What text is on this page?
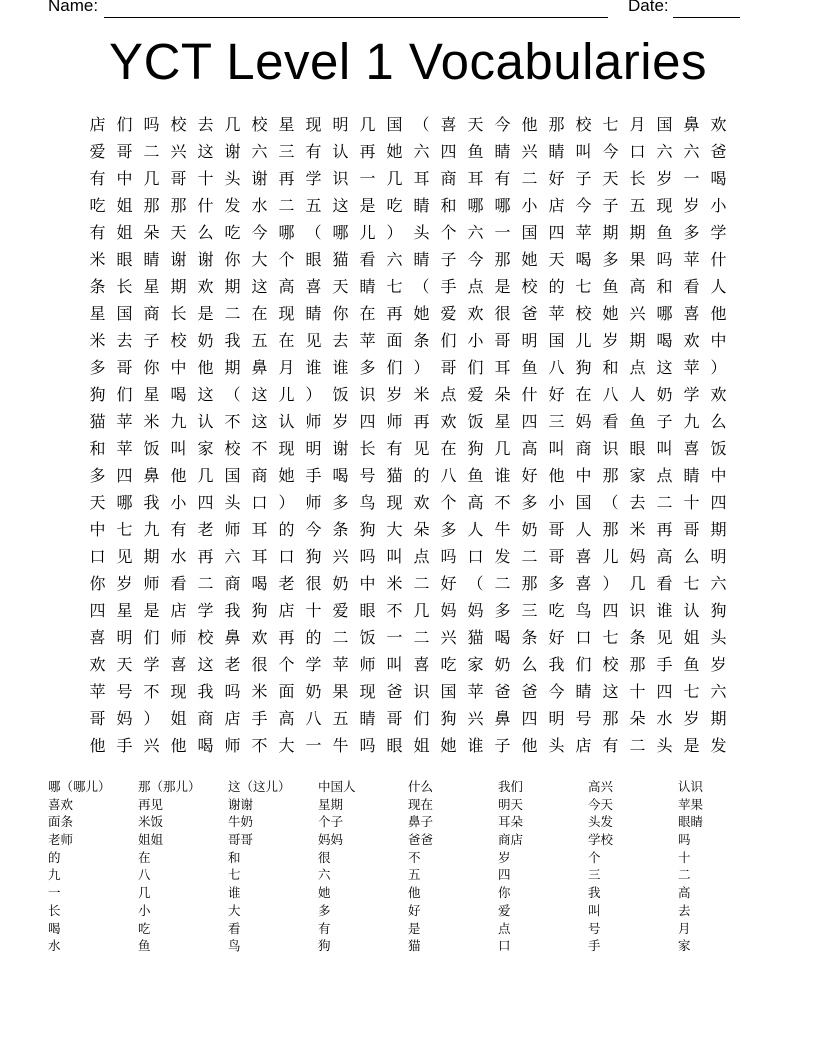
Name:	Date:
YCT Level 1 Vocabularies
店 们 吗 校 去 几 校 星 现 明 几 国 （ 喜 天 今 他 那 校 七 月 国 鼻 欢
爱 哥 二 兴 这 谢 六 三 有 认 再 她 六 四 鱼 睛 兴 睛 叫 今 口 六 六 爸
有 中 几 哥 十 头 谢 再 学 识 一 几 耳 商 耳 有 二 好 子 天 长 岁 一 喝
吃 姐 那 那 什 发 水 二 五 这 是 吃 睛 和 哪 哪 小 店 今 子 五 现 岁 小
有 姐 朵 天 么 吃 今 哪 （ 哪 儿 ） 头 个 六 一 国 四 苹 期 期 鱼 多 学
米 眼 睛 谢 谢 你 大 个 眼 猫 看 六 睛 子 今 那 她 天 喝 多 果 吗 苹 什
条 长 星 期 欢 期 这 高 喜 天 睛 七 （ 手 点 是 校 的 七 鱼 高 和 看 人
星 国 商 长 是 二 在 现 睛 你 在 再 她 爱 欢 很 爸 苹 校 她 兴 哪 喜 他
米 去 子 校 奶 我 五 在 见 去 苹 面 条 们 小 哥 明 国 儿 岁 期 喝 欢 中
多 哥 你 中 他 期 鼻 月 谁 谁 多 们 ） 哥 们 耳 鱼 八 狗 和 点 这 苹 ）
狗 们 星 喝 这 （ 这 儿 ） 饭 识 岁 米 点 爱 朵 什 好 在 八 人 奶 学 欢
猫 苹 米 九 认 不 这 认 师 岁 四 师 再 欢 饭 星 四 三 妈 看 鱼 子 九 么
和 苹 饭 叫 家 校 不 现 明 谢 长 有 见 在 狗 几 高 叫 商 识 眼 叫 喜 饭
多 四 鼻 他 几 国 商 她 手 喝 号 猫 的 八 鱼 谁 好 他 中 那 家 点 睛 中
天 哪 我 小 四 头 口 ） 师 多 鸟 现 欢 个 高 不 多 小 国 （ 去 二 十 四
中 七 九 有 老 师 耳 的 今 条 狗 大 朵 多 人 牛 奶 哥 人 那 米 再 哥 期
口 见 期 水 再 六 耳 口 狗 兴 吗 叫 点 吗 口 发 二 哥 喜 儿 妈 高 么 明
你 岁 师 看 二 商 喝 老 很 奶 中 米 二 好 （ 二 那 多 喜 ） 几 看 七 六
四 星 是 店 学 我 狗 店 十 爱 眼 不 几 妈 妈 多 三 吃 鸟 四 识 谁 认 狗
喜 明 们 师 校 鼻 欢 再 的 二 饭 一 二 兴 猫 喝 条 好 口 七 条 见 姐 头
欢 天 学 喜 这 老 很 个 学 苹 师 叫 喜 吃 家 奶 么 我 们 校 那 手 鱼 岁
苹 号 不 现 我 吗 米 面 奶 果 现 爸 识 国 苹 爸 爸 今 睛 这 十 四 七 六
哥 妈 ） 姐 商 店 手 高 八 五 睛 哥 们 狗 兴 鼻 四 明 号 那 朵 水 岁 期
他 手 兴 他 喝 师 不 大 一 牛 吗 眼 姐 她 谁 子 他 头 店 有 二 头 是 发
哪（哪儿）	那（那儿）	这（这儿）	中国人	什么	我们	高兴	认识
喜欢	再见	谢谢	星期	现在	明天	今天	苹果
面条	米饭	牛奶	个子	鼻子	耳朵	头发	眼睛
老师	姐姐	哥哥	妈妈	爸爸	商店	学校	吗
的	在	和	很	不	岁	个	十
九	八	七	六	五	四	三	二
一	几	谁	她	他	你	我	高
长	小	大	多	好	爱	叫	去
喝	吃	看	有	是	点	号	月
水	鱼	鸟	狗	猫	口	手	家
